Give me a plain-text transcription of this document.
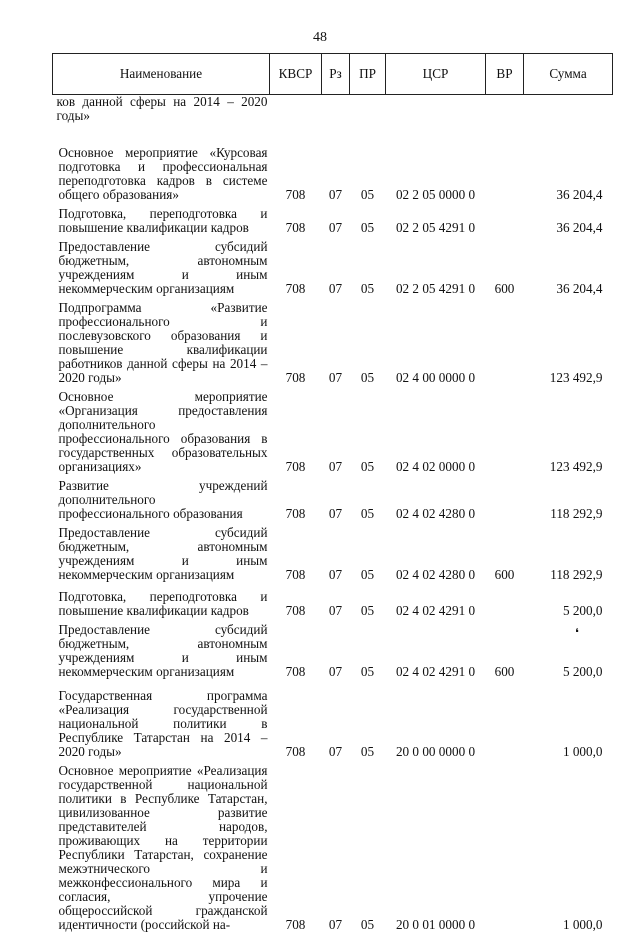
48
Наименование	КВСР	Рз	ПР	ЦСР	ВР	Сумма
ков данной сферы на 2014 – 2020 годы»						
Основное мероприятие «Курсовая подготовка и профессиональная переподготовка кадров в системе общего образования»	708	07	05	02 2 05 0000 0		36 204,4
Подготовка, переподготовка и повышение квалификации кадров	708	07	05	02 2 05 4291 0		36 204,4
Предоставление субсидий бюджетным, автономным учреждениям и иным некоммерческим организациям	708	07	05	02 2 05 4291 0	600	36 204,4
Подпрограмма «Развитие профессионального и послевузовского образования и повышение квалификации работников данной сферы на 2014 – 2020 годы»	708	07	05	02 4 00 0000 0		123 492,9
Основное мероприятие «Организация предоставления дополнительного профессионального образования в государственных образовательных организациях»	708	07	05	02 4 02 0000 0		123 492,9
Развитие учреждений дополнительного профессионального образования	708	07	05	02 4 02 4280 0		118 292,9
Предоставление субсидий бюджетным, автономным учреждениям и иным некоммерческим организациям	708	07	05	02 4 02 4280 0	600	118 292,9
Подготовка, переподготовка и повышение квалификации кадров	708	07	05	02 4 02 4291 0		5 200,0
Предоставление субсидий бюджетным, автономным учреждениям и иным некоммерческим организациям	708	07	05	02 4 02 4291 0	600	5 200,0
Государственная программа «Реализация государственной национальной политики в Республике Татарстан на 2014 – 2020 годы»	708	07	05	20 0 00 0000 0		1 000,0
Основное мероприятие «Реализация государственной национальной политики в Республике Татарстан, цивилизованное развитие представителей народов, проживающих на территории Республики Татарстан, сохранение межэтнического и межконфессионального мира и согласия, упрочение общероссийской гражданской идентичности (российской на-	708	07	05	20 0 01 0000 0		1 000,0
❛
